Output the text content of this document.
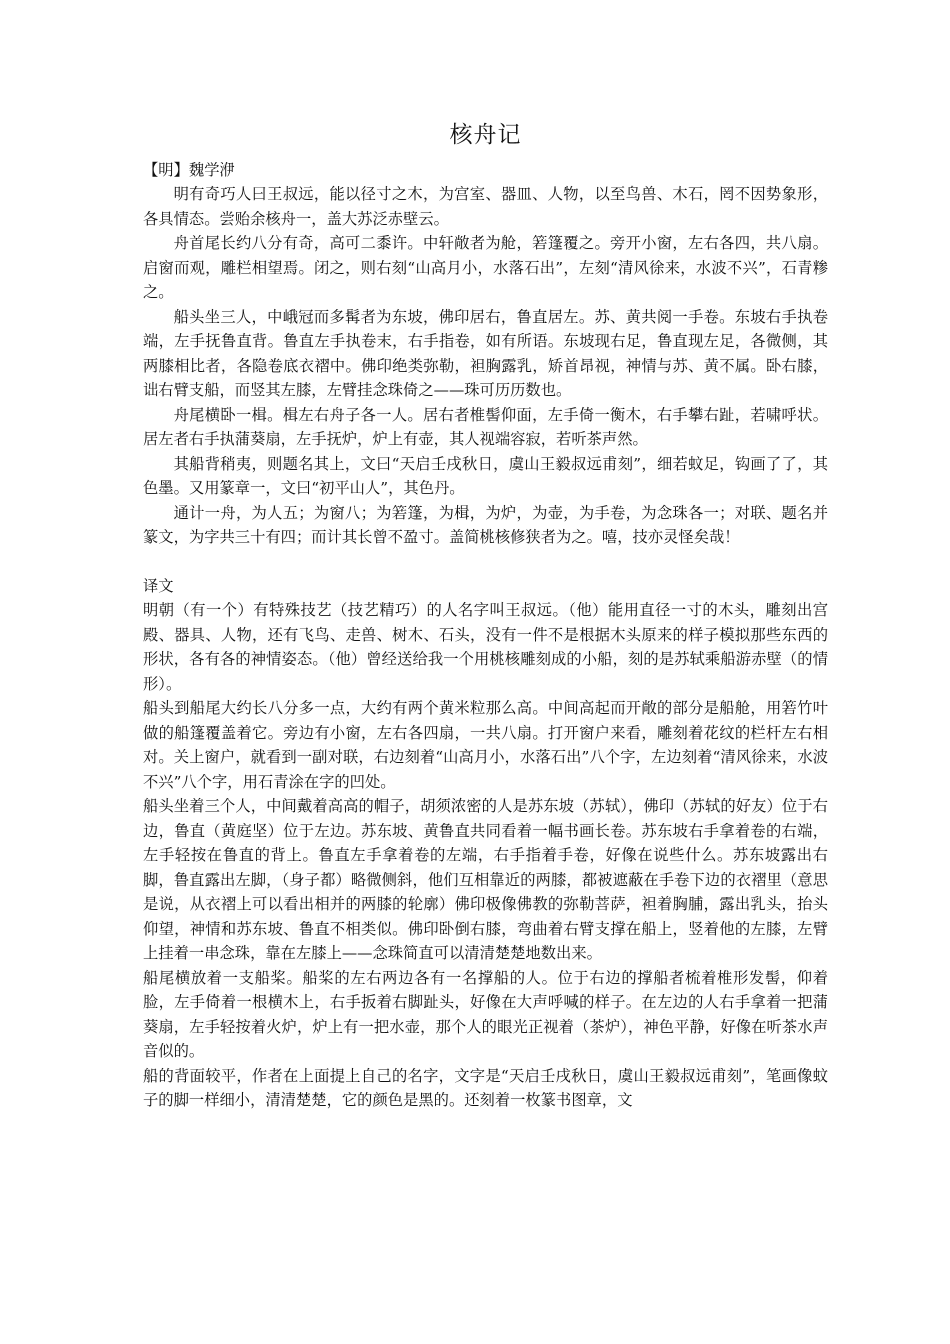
核舟记

【明】魏学洢

明有奇巧人曰王叔远，能以径寸之木，为宫室、器皿、人物，以至鸟兽、木石，罔不因势象形，各具情态。尝贻余核舟一，盖大苏泛赤壁云。

舟首尾长约八分有奇，高可二黍许。中轩敞者为舱，箬篷覆之。旁开小窗，左右各四，共八扇。启窗而观，雕栏相望焉。闭之，则右刻“山高月小，水落石出”，左刻“清风徐来，水波不兴”，石青糁之。

船头坐三人，中峨冠而多髯者为东坡，佛印居右，鲁直居左。苏、黄共阅一手卷。东坡右手执卷端，左手抚鲁直背。鲁直左手执卷末，右手指卷，如有所语。东坡现右足，鲁直现左足，各微侧，其两膝相比者，各隐卷底衣褶中。佛印绝类弥勒，袒胸露乳，矫首昂视，神情与苏、黄不属。卧右膝，诎右臂支船，而竖其左膝，左臂挂念珠倚之——珠可历历数也。

舟尾横卧一楫。楫左右舟子各一人。居右者椎髻仰面，左手倚一衡木，右手攀右趾，若啸呼状。居左者右手执蒲葵扇，左手抚炉，炉上有壶，其人视端容寂，若听茶声然。

其船背稍夷，则题名其上，文曰“天启壬戌秋日，虞山王毅叔远甫刻”，细若蚊足，钩画了了，其色墨。又用篆章一，文曰“初平山人”，其色丹。

通计一舟，为人五；为窗八；为箬篷，为楫，为炉，为壶，为手卷，为念珠各一；对联、题名并篆文，为字共三十有四；而计其长曾不盈寸。盖简桃核修狭者为之。嘻，技亦灵怪矣哉！

译文

明朝（有一个）有特殊技艺（技艺精巧）的人名字叫王叔远。（他）能用直径一寸的木头，雕刻出宫殿、器具、人物，还有飞鸟、走兽、树木、石头，没有一件不是根据木头原来的样子模拟那些东西的形状，各有各的神情姿态。（他）曾经送给我一个用桃核雕刻成的小船，刻的是苏轼乘船游赤壁（的情形）。

船头到船尾大约长八分多一点，大约有两个黄米粒那么高。中间高起而开敞的部分是船舱，用箬竹叶做的船篷覆盖着它。旁边有小窗，左右各四扇，一共八扇。打开窗户来看，雕刻着花纹的栏杆左右相对。关上窗户，就看到一副对联，右边刻着“山高月小，水落石出”八个字，左边刻着“清风徐来，水波不兴”八个字，用石青涂在字的凹处。

船头坐着三个人，中间戴着高高的帽子，胡须浓密的人是苏东坡（苏轼），佛印（苏轼的好友）位于右边，鲁直（黄庭坚）位于左边。苏东坡、黄鲁直共同看着一幅书画长卷。苏东坡右手拿着卷的右端，左手轻按在鲁直的背上。鲁直左手拿着卷的左端，右手指着手卷，好像在说些什么。苏东坡露出右脚，鲁直露出左脚，（身子都）略微侧斜，他们互相靠近的两膝，都被遮蔽在手卷下边的衣褶里（意思是说，从衣褶上可以看出相并的两膝的轮廓）佛印极像佛教的弥勒菩萨，袒着胸脯，露出乳头，抬头仰望，神情和苏东坡、鲁直不相类似。佛印卧倒右膝，弯曲着右臂支撑在船上，竖着他的左膝，左臂上挂着一串念珠，靠在左膝上——念珠简直可以清清楚楚地数出来。

船尾横放着一支船桨。船桨的左右两边各有一名撑船的人。位于右边的撑船者梳着椎形发髻，仰着脸，左手倚着一根横木上，右手扳着右脚趾头，好像在大声呼喊的样子。在左边的人右手拿着一把蒲葵扇，左手轻按着火炉，炉上有一把水壶，那个人的眼光正视着（茶炉），神色平静，好像在听茶水声音似的。

船的背面较平，作者在上面提上自己的名字，文字是“天启壬戌秋日，虞山王毅叔远甫刻”，笔画像蚊子的脚一样细小，清清楚楚，它的颜色是黑的。还刻着一枚篆书图章，文
